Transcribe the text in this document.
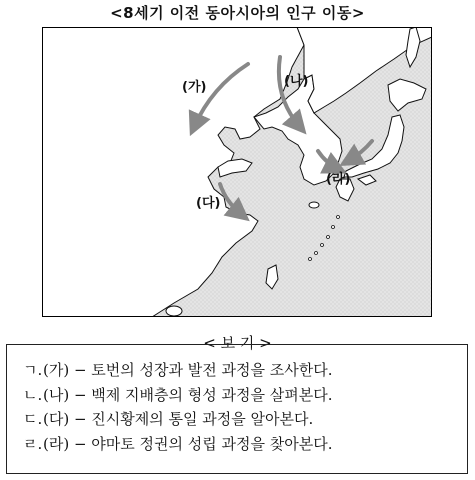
<8세기 이전 동아시아의 인구 이동>
(가)	(나)
(다)
(라)
< 보 기 >
ㄱ.(가) − 토번의 성장과 발전 과정을 조사한다.
ㄴ.(나) − 백제 지배층의 형성 과정을 살펴본다.
ㄷ.(다) − 진시황제의 통일 과정을 알아본다.
ㄹ.(라) − 야마토 정권의 성립 과정을 찾아본다.
